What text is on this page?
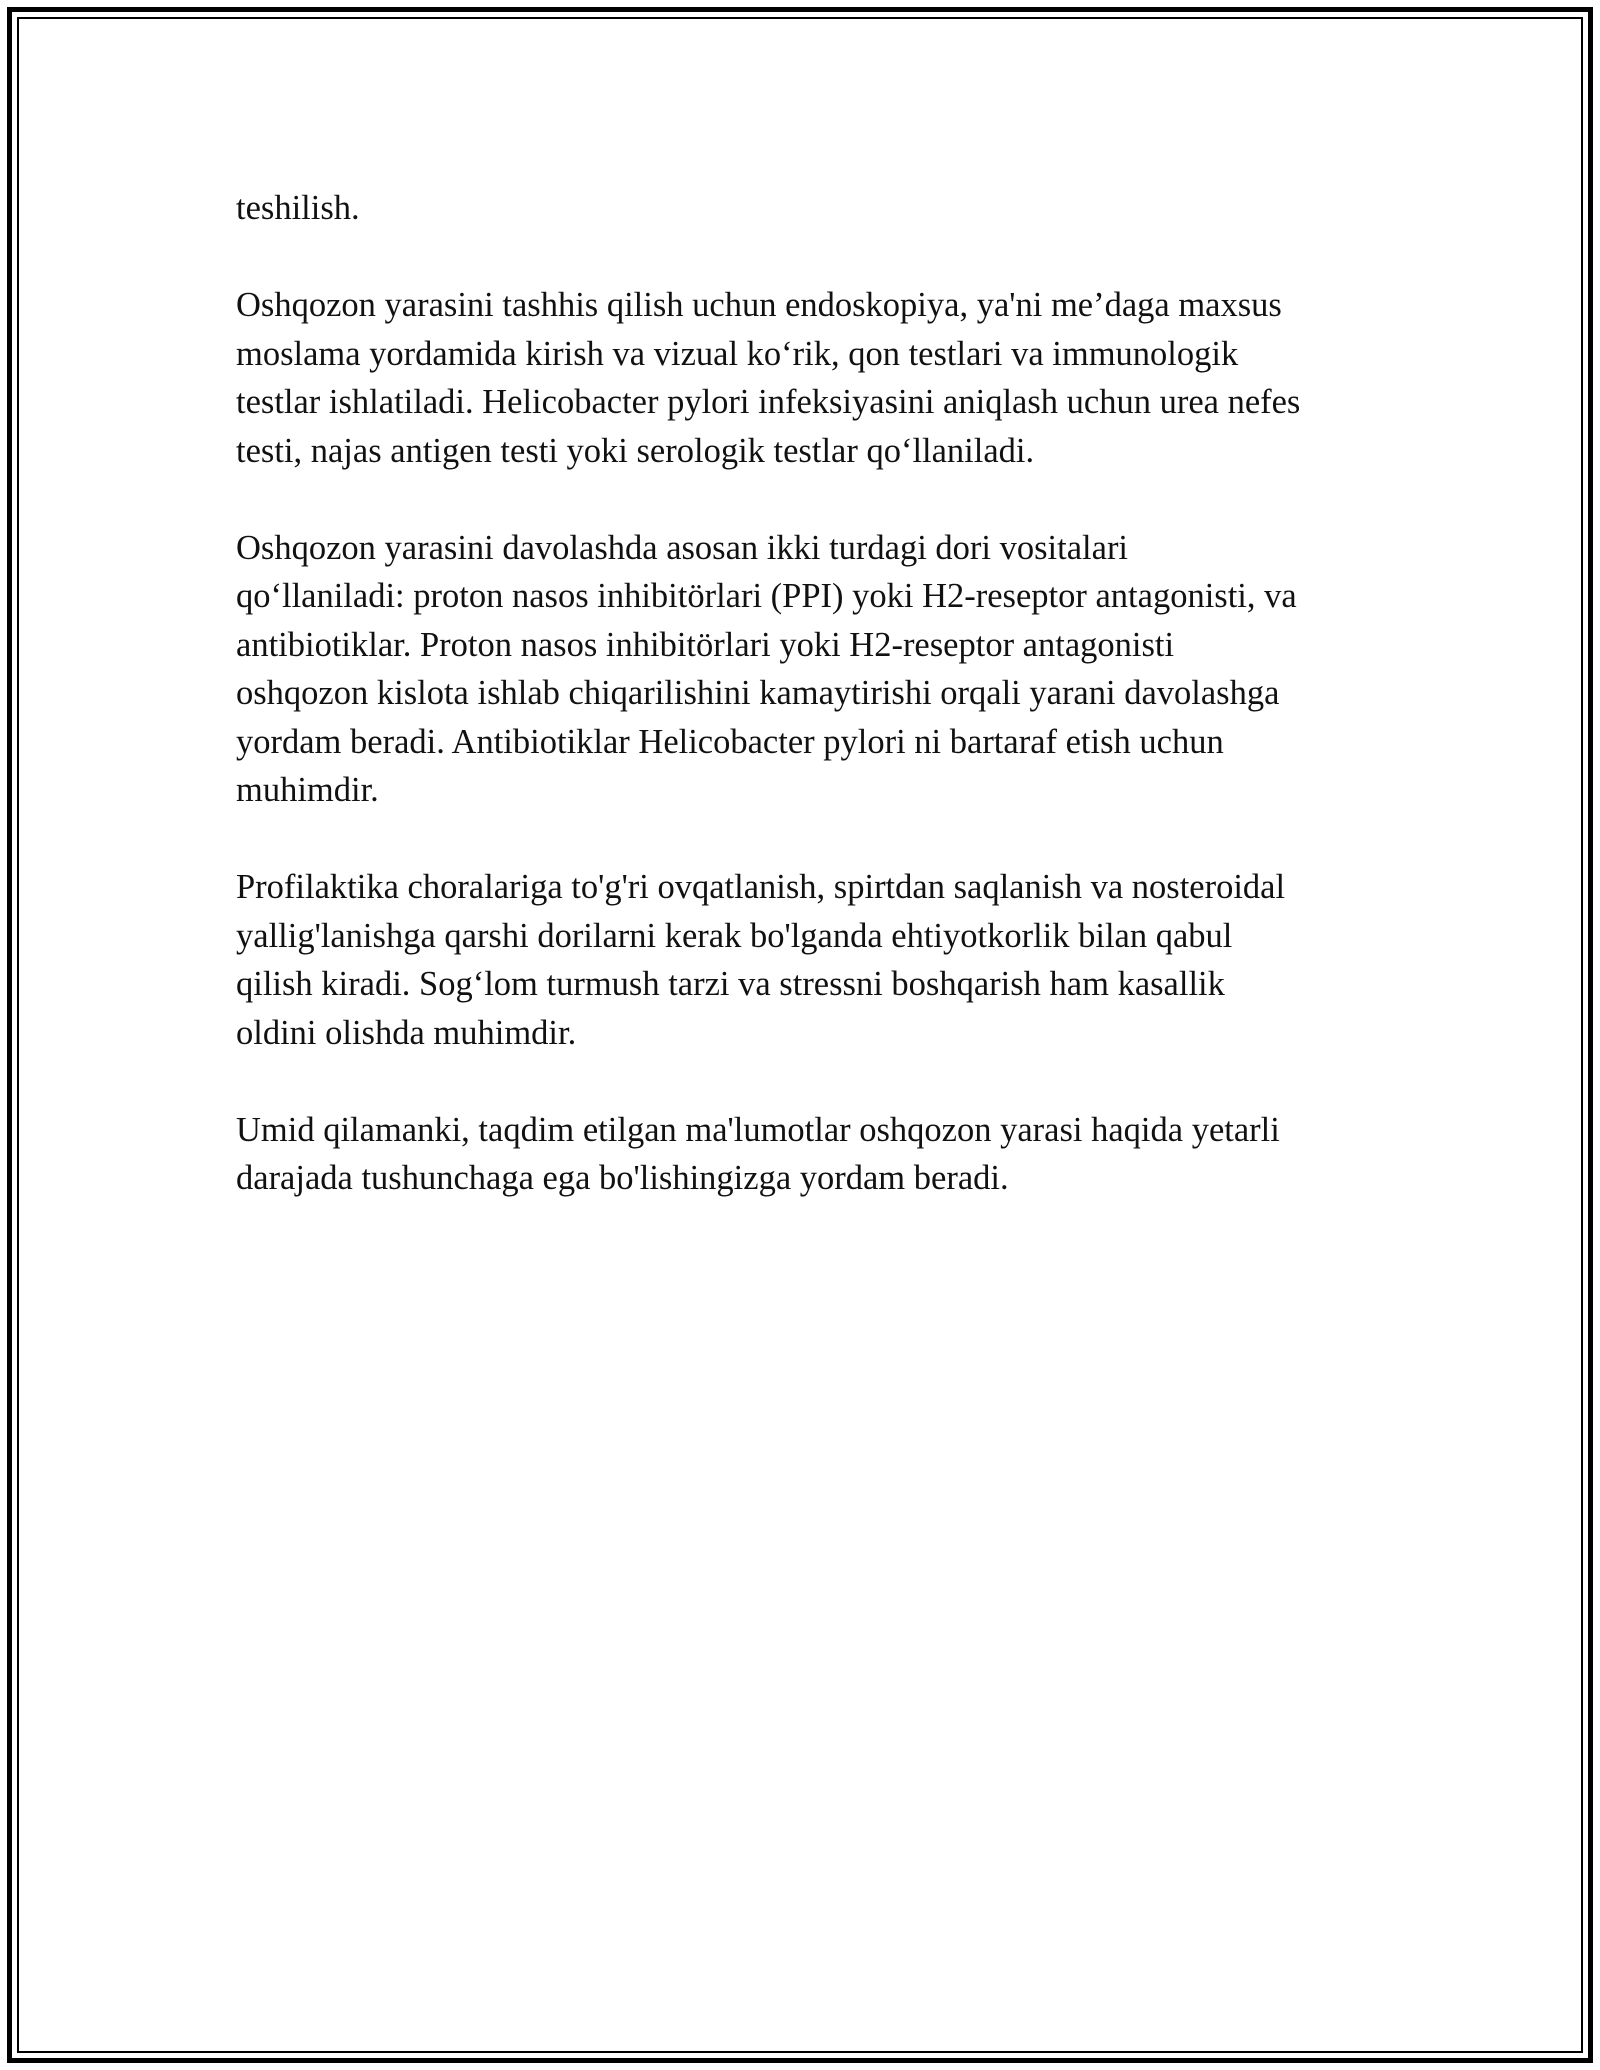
teshilish.

Oshqozon yarasini tashhis qilish uchun endoskopiya, ya'ni me’daga maxsus
moslama yordamida kirish va vizual ko‘rik, qon testlari va immunologik
testlar ishlatiladi. Helicobacter pylori infeksiyasini aniqlash uchun urea nefes
testi, najas antigen testi yoki serologik testlar qo‘llaniladi.

Oshqozon yarasini davolashda asosan ikki turdagi dori vositalari
qo‘llaniladi: proton nasos inhibitörlari (PPI) yoki H2-reseptor antagonisti, va
antibiotiklar. Proton nasos inhibitörlari yoki H2-reseptor antagonisti
oshqozon kislota ishlab chiqarilishini kamaytirishi orqali yarani davolashga
yordam beradi. Antibiotiklar Helicobacter pylori ni bartaraf etish uchun
muhimdir.

Profilaktika choralariga to'g'ri ovqatlanish, spirtdan saqlanish va nosteroidal
yallig'lanishga qarshi dorilarni kerak bo'lganda ehtiyotkorlik bilan qabul
qilish kiradi. Sog‘lom turmush tarzi va stressni boshqarish ham kasallik
oldini olishda muhimdir.

Umid qilamanki, taqdim etilgan ma'lumotlar oshqozon yarasi haqida yetarli
darajada tushunchaga ega bo'lishingizga yordam beradi.
